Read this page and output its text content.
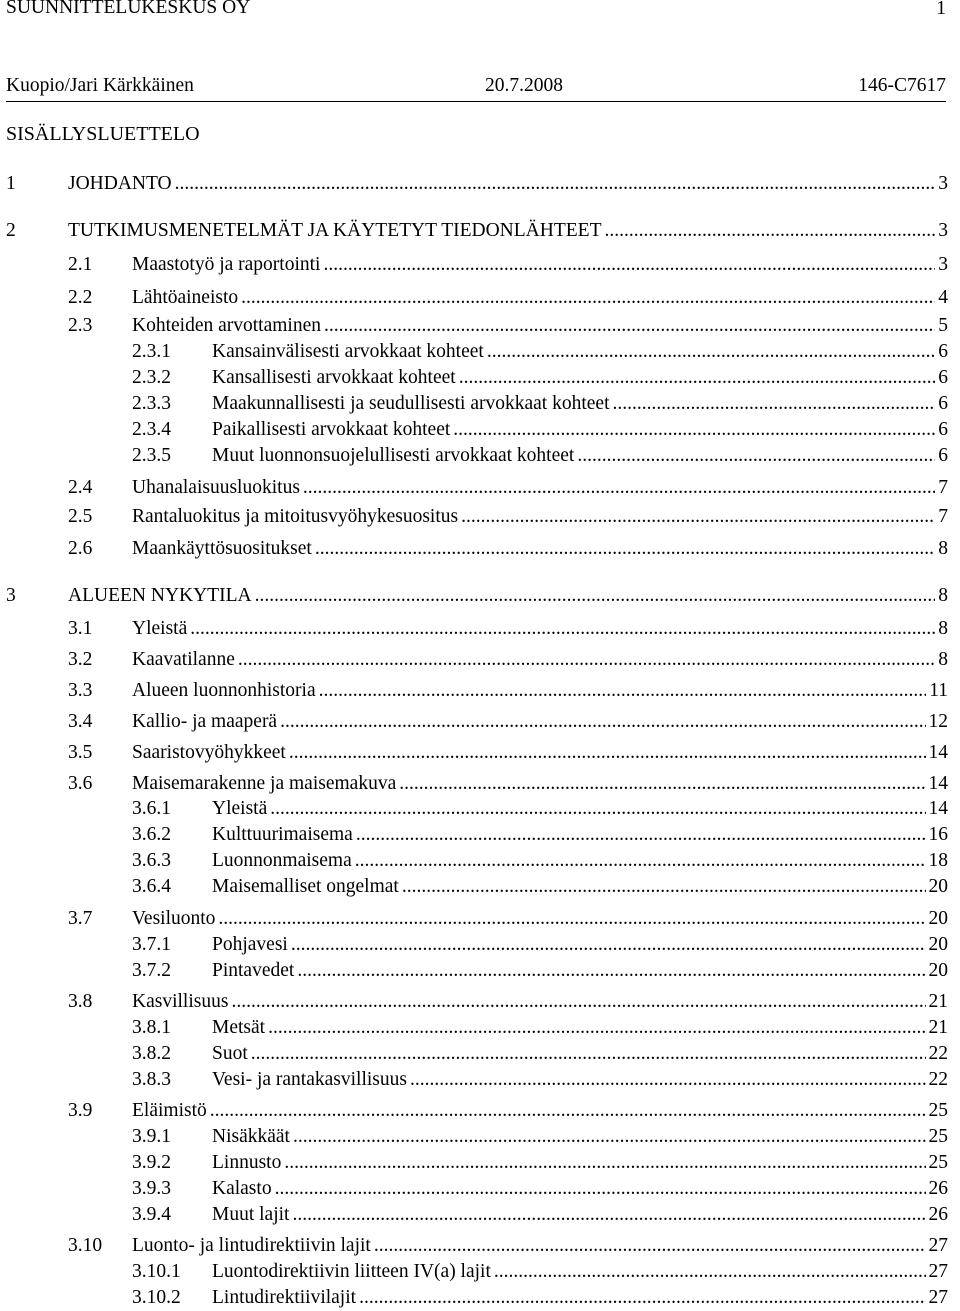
SUUNNITTELUKESKUS OY	1
Kuopio/Jari Kärkkäinen	20.7.2008	146-C7617
SISÄLLYSLUETTELO
1	JOHDANTO .....	3
2	TUTKIMUSMENETELMÄT JA KÄYTETYT TIEDONLÄHTEET .....	3
2.1	Maastotyö ja raportointi .....	3
2.2	Lähtöaineisto .....	4
2.3	Kohteiden arvottaminen .....	5
2.3.1	Kansainvälisesti arvokkaat kohteet .....	6
2.3.2	Kansallisesti arvokkaat kohteet .....	6
2.3.3	Maakunnallisesti ja seudullisesti arvokkaat kohteet .....	6
2.3.4	Paikallisesti arvokkaat kohteet .....	6
2.3.5	Muut luonnonsuojelullisesti arvokkaat kohteet .....	6
2.4	Uhanalaisuusluokitus .....	7
2.5	Rantaluokitus ja mitoitusvyöhykesuositus .....	7
2.6	Maankäyttösuositukset .....	8
3	ALUEEN NYKYTILA .....	8
3.1	Yleistä .....	8
3.2	Kaavatilanne .....	8
3.3	Alueen luonnonhistoria .....	11
3.4	Kallio- ja maaperä .....	12
3.5	Saaristovyöhykkeet .....	14
3.6	Maisemarakenne ja maisemakuva .....	14
3.6.1	Yleistä .....	14
3.6.2	Kulttuurimaisema .....	16
3.6.3	Luonnonmaisema .....	18
3.6.4	Maisemalliset ongelmat .....	20
3.7	Vesiluonto .....	20
3.7.1	Pohjavesi .....	20
3.7.2	Pintavedet .....	20
3.8	Kasvillisuus .....	21
3.8.1	Metsät .....	21
3.8.2	Suot .....	22
3.8.3	Vesi- ja rantakasvillisuus .....	22
3.9	Eläimistö .....	25
3.9.1	Nisäkkäät .....	25
3.9.2	Linnusto .....	25
3.9.3	Kalasto .....	26
3.9.4	Muut lajit .....	26
3.10	Luonto- ja lintudirektiivin lajit .....	27
3.10.1	Luontodirektiivin liitteen IV(a) lajit .....	27
3.10.2	Lintudirektiivilajit .....	27
